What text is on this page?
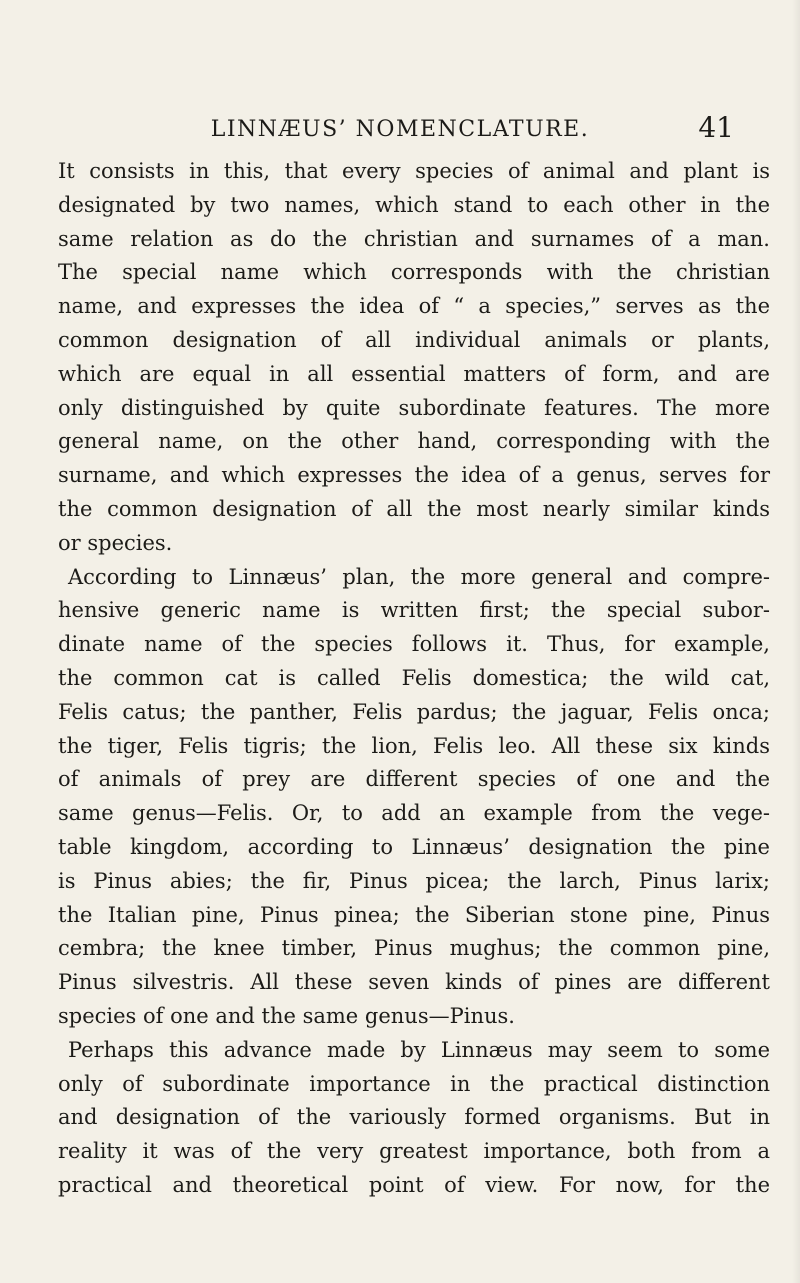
LINNÆUS’ NOMENCLATURE.	41
It consists in this, that every species of animal and plant is
designated by two names, which stand to each other in the
same relation as do the christian and surnames of a man.
The special name which corresponds with the christian
name, and expresses the idea of “ a species,” serves as the
common designation of all individual animals or plants,
which are equal in all essential matters of form, and are
only distinguished by quite subordinate features. The more
general name, on the other hand, corresponding with the
surname, and which expresses the idea of a genus, serves for
the common designation of all the most nearly similar kinds
or species.
According to Linnæus’ plan, the more general and compre-
hensive generic name is written first; the special subor-
dinate name of the species follows it. Thus, for example,
the common cat is called Felis domestica; the wild cat,
Felis catus; the panther, Felis pardus; the jaguar, Felis onca;
the tiger, Felis tigris; the lion, Felis leo. All these six kinds
of animals of prey are different species of one and the
same genus—Felis. Or, to add an example from the vege-
table kingdom, according to Linnæus’ designation the pine
is Pinus abies; the fir, Pinus picea; the larch, Pinus larix;
the Italian pine, Pinus pinea; the Siberian stone pine, Pinus
cembra; the knee timber, Pinus mughus; the common pine,
Pinus silvestris. All these seven kinds of pines are different
species of one and the same genus—Pinus.
Perhaps this advance made by Linnæus may seem to some
only of subordinate importance in the practical distinction
and designation of the variously formed organisms. But in
reality it was of the very greatest importance, both from a
practical and theoretical point of view. For now, for the
